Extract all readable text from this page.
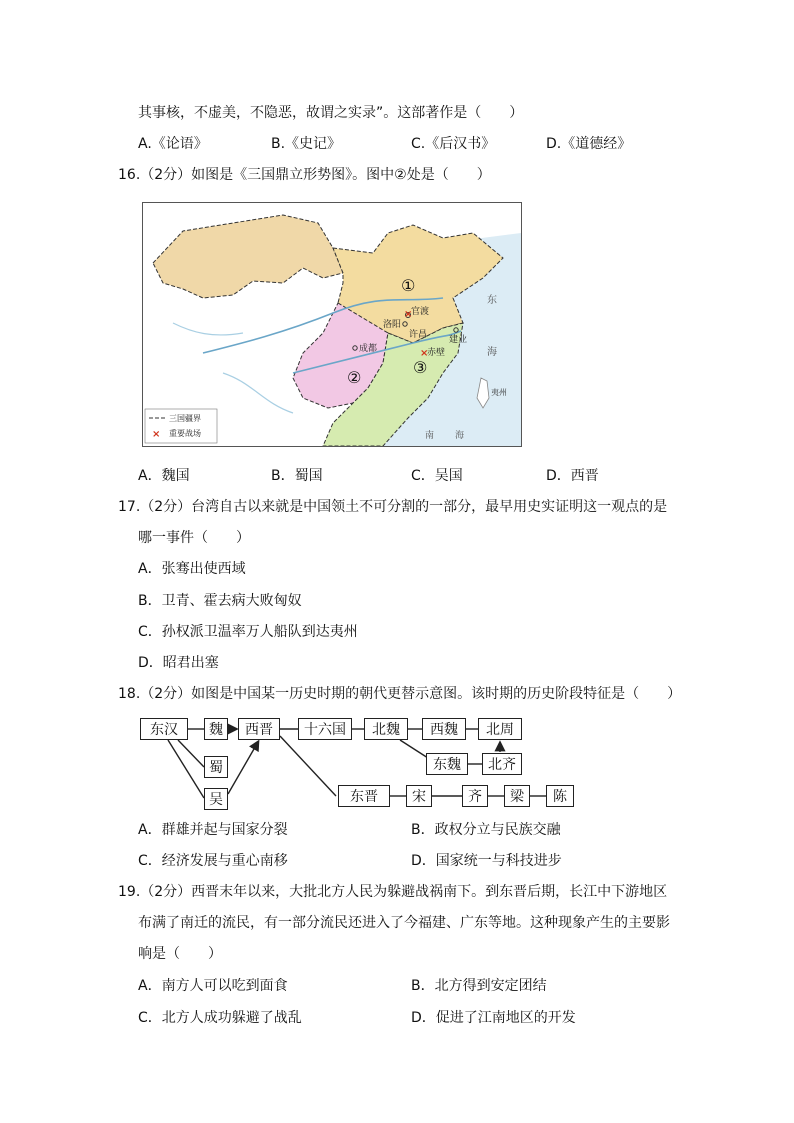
其事核，不虚美，不隐恶，故谓之实录”。这部著作是（　　）
A.《论语》	B.《史记》	C.《后汉书》	D.《道德经》
16.（2分）如图是《三国鼎立形势图》。图中②处是（　　）
①
②
③
官渡
洛阳
许昌
成都
建业
赤壁
×
×
东
海
夷州
南 海
三国疆界
× 重要战场
A．魏国	B．蜀国	C．吴国	D．西晋
17.（2分）台湾自古以来就是中国领土不可分割的一部分，最早用史实证明这一观点的是
哪一事件（　　）
A．张骞出使西域
B．卫青、霍去病大败匈奴
C．孙权派卫温率万人船队到达夷州
D．昭君出塞
18.（2分）如图是中国某一历史时期的朝代更替示意图。该时期的历史阶段特征是（　　）
东汉	魏
蜀
吴
西晋	十六国	北魏	西魏	北周
东魏	北齐
东晋	宋	齐	梁	陈
A．群雄并起与国家分裂	B．政权分立与民族交融
C．经济发展与重心南移	D．国家统一与科技进步
19.（2分）西晋末年以来，大批北方人民为躲避战祸南下。到东晋后期，长江中下游地区
布满了南迁的流民，有一部分流民还进入了今福建、广东等地。这种现象产生的主要影
响是（　　）
A．南方人可以吃到面食	B．北方得到安定团结
C．北方人成功躲避了战乱	D．促进了江南地区的开发
